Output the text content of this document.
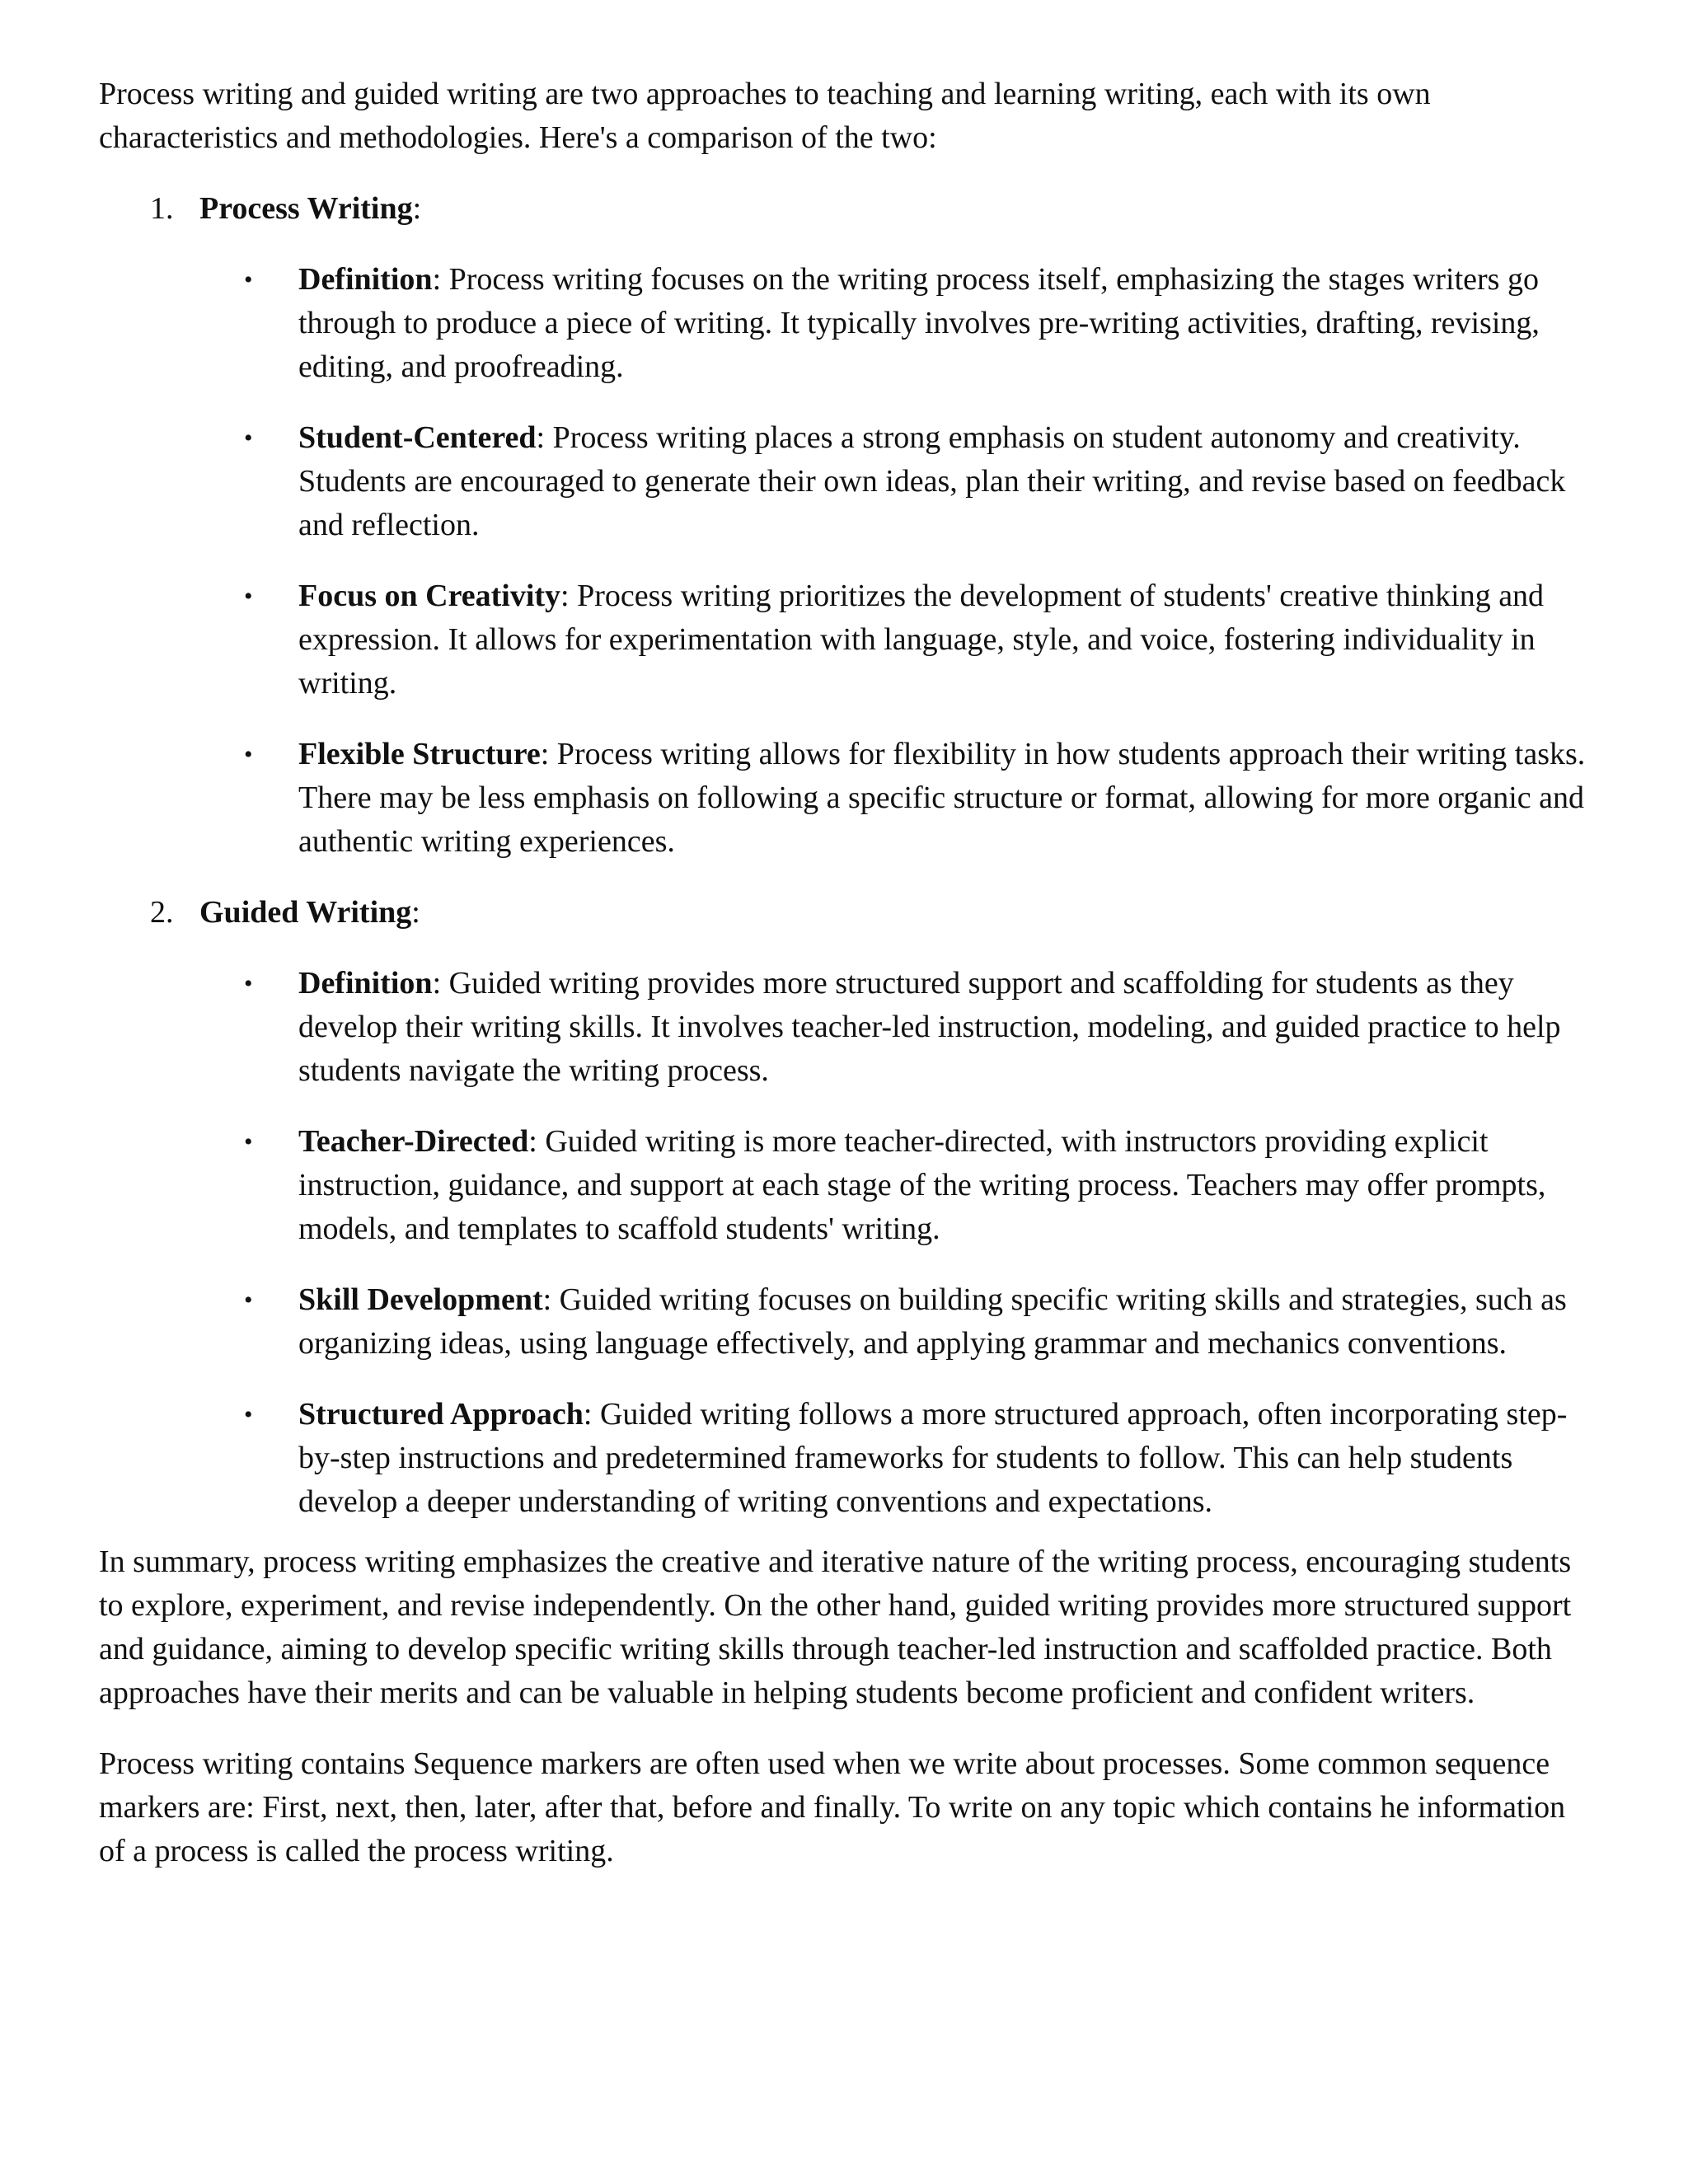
Process writing and guided writing are two approaches to teaching and learning writing, each with its own characteristics and methodologies. Here's a comparison of the two:

1. Process Writing:
• Definition: Process writing focuses on the writing process itself, emphasizing the stages writers go through to produce a piece of writing. It typically involves pre-writing activities, drafting, revising, editing, and proofreading.
• Student-Centered: Process writing places a strong emphasis on student autonomy and creativity. Students are encouraged to generate their own ideas, plan their writing, and revise based on feedback and reflection.
• Focus on Creativity: Process writing prioritizes the development of students' creative thinking and expression. It allows for experimentation with language, style, and voice, fostering individuality in writing.
• Flexible Structure: Process writing allows for flexibility in how students approach their writing tasks. There may be less emphasis on following a specific structure or format, allowing for more organic and authentic writing experiences.
2. Guided Writing:
• Definition: Guided writing provides more structured support and scaffolding for students as they develop their writing skills. It involves teacher-led instruction, modeling, and guided practice to help students navigate the writing process.
• Teacher-Directed: Guided writing is more teacher-directed, with instructors providing explicit instruction, guidance, and support at each stage of the writing process. Teachers may offer prompts, models, and templates to scaffold students' writing.
• Skill Development: Guided writing focuses on building specific writing skills and strategies, such as organizing ideas, using language effectively, and applying grammar and mechanics conventions.
• Structured Approach: Guided writing follows a more structured approach, often incorporating step-by-step instructions and predetermined frameworks for students to follow. This can help students develop a deeper understanding of writing conventions and expectations.

In summary, process writing emphasizes the creative and iterative nature of the writing process, encouraging students to explore, experiment, and revise independently. On the other hand, guided writing provides more structured support and guidance, aiming to develop specific writing skills through teacher-led instruction and scaffolded practice. Both approaches have their merits and can be valuable in helping students become proficient and confident writers.

Process writing contains Sequence markers are often used when we write about processes. Some common sequence markers are: First, next, then, later, after that, before and finally. To write on any topic which contains he information of a process is called the process writing.
